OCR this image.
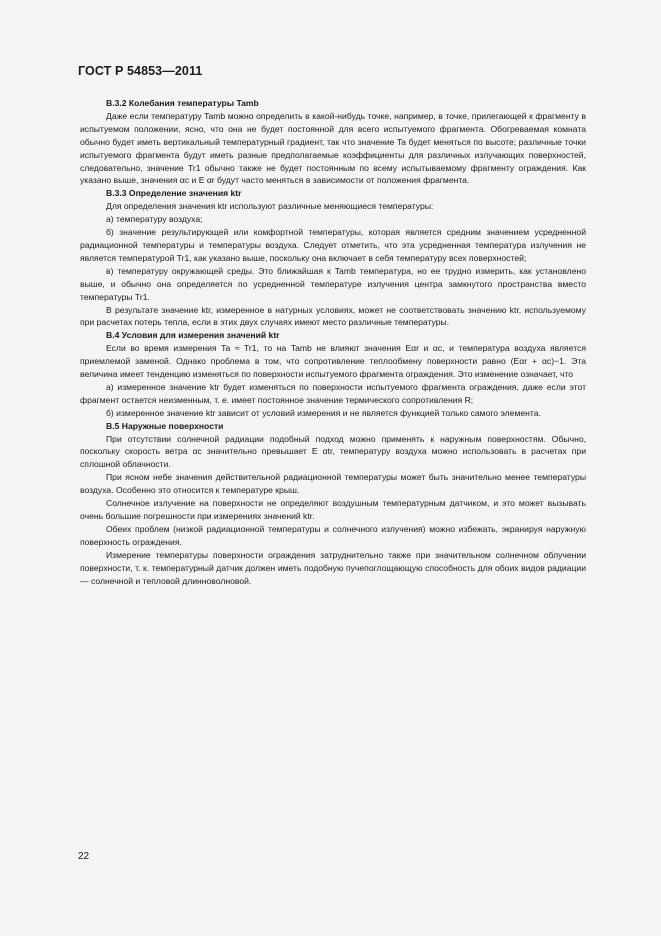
ГОСТ Р 54853—2011

B.3.2 Колебания температуры Tamb

Даже если температуру Tamb можно определить в какой-нибудь точке, например, в точке, прилегающей к фрагменту в испытуемом положении, ясно, что она не будет постоянной для всего испытуемого фрагмента. Обогреваемая комната обычно будет иметь вертикальный температурный градиент, так что значение Ta будет меняться по высоте; различные точки испытуемого фрагмента будут иметь разные предполагаемые коэффициенты для различных излучающих поверхностей, следовательно, значение Tr1 обычно также не будет постоянным по всему испытываемому фрагменту ограждения. Как указано выше, значения αc и E αr будут часто меняться в зависимости от положения фрагмента.

B.3.3 Определение значения ktr

Для определения значения ktr используют различные меняющиеся температуры:

а) температуру воздуха;

б) значение результирующей или комфортной температуры, которая является средним значением усредненной радиационной температуры и температуры воздуха. Следует отметить, что эта усредненная температура излучения не является температурой Tr1, как указано выше, поскольку она включает в себя температуру всех поверхностей;

в) температуру окружающей среды. Это ближайшая к Tamb температура, но ее трудно измерить, как установлено выше, и обычно она определяется по усредненной температуре излучения центра замкнутого пространства вместо температуры Tr1.

В результате значение ktr, измеренное в натурных условиях, может не соответствовать значению ktr, используемому при расчетах потерь тепла, если в этих двух случаях имеют место различные температуры.

B.4 Условия для измерения значений ktr

Если во время измерения Ta ≈ Tr1, то на Tamb не влияют значения Eαr и αc, и температура воздуха является приемлемой заменой. Однако проблема в том, что сопротивление теплообмену поверхности равно (Eαr + αc)−1. Эта величина имеет тенденцию изменяться по поверхности испытуемого фрагмента ограждения. Это изменение означает, что

а) измеренное значение ktr будет изменяться по поверхности испытуемого фрагмента ограждения, даже если этот фрагмент остается неизменным, т. е. имеет постоянное значение термического сопротивления R;

б) измеренное значение ktr зависит от условий измерения и не является функцией только самого элемента.

B.5 Наружные поверхности

При отсутствии солнечной радиации подобный подход можно применять к наружным поверхностям. Обычно, поскольку скорость ветра αc значительно превышает E αtr, температуру воздуха можно использовать в расчетах при сплошной облачности.

При ясном небе значения действительной радиационной температуры может быть значительно менее температуры воздуха. Особенно это относится к температуре крыш.

Солнечное излучение на поверхности не определяют воздушным температурным датчиком, и это может вызывать очень большие погрешности при измерениях значений ktr.

Обеих проблем (низкой радиационной температуры и солнечного излучения) можно избежать, экранируя наружную поверхность ограждения.

Измерение температуры поверхности ограждения затруднительно также при значительном солнечном облучении поверхности, т. к. температурный датчик должен иметь подобную пучепоглощающую способность для обоих видов радиации — солнечной и тепловой длинноволновой.

22
